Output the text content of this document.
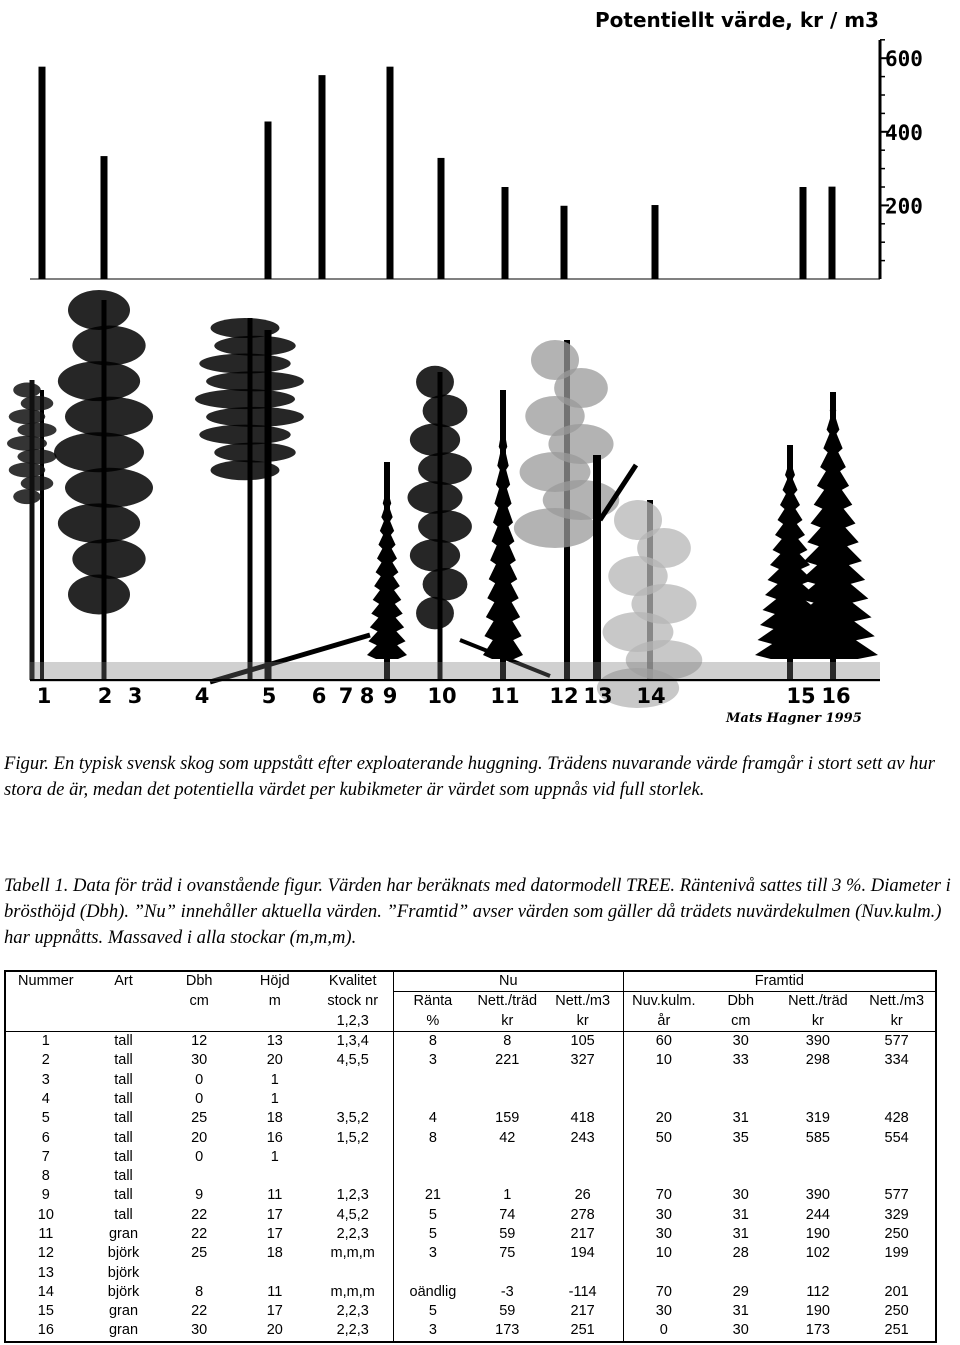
Potentiellt värde, kr / m3
200
400
600
1 2 3 4 5 6 7 8 9 10 11 12 13 14	15 16
Mats Hagner 1995

Figur. En typisk svensk skog som uppstått efter exploaterande huggning. Trädens nuvarande värde framgår i stort sett av hur stora de är, medan det potentiella värdet per kubikmeter är värdet som uppnås vid full storlek.

Tabell 1. Data för träd i ovanstående figur. Värden har beräknats med datormodell TREE. Räntenivå sattes till 3 %. Diameter i brösthöjd (Dbh). ”Nu” innehåller aktuella värden. ”Framtid” avser värden som gäller då trädets nuvärdekulmen (Nuv.kulm.) har uppnåtts. Massaved i alla stockar (m,m,m).

Nummer	Art	Dbh	Höjd	Kvalitet	Nu			Framtid			
		cm	m	stock nr	Ränta	Nett./träd	Nett./m3	Nuv.kulm.	Dbh	Nett./träd	Nett./m3
				1,2,3	%	kr	kr	år	cm	kr	kr
1	tall	12	13	1,3,4	8	8	105	60	30	390	577
2	tall	30	20	4,5,5	3	221	327	10	33	298	334
3	tall	0	1								
4	tall	0	1								
5	tall	25	18	3,5,2	4	159	418	20	31	319	428
6	tall	20	16	1,5,2	8	42	243	50	35	585	554
7	tall	0	1								
8	tall										
9	tall	9	11	1,2,3	21	1	26	70	30	390	577
10	tall	22	17	4,5,2	5	74	278	30	31	244	329
11	gran	22	17	2,2,3	5	59	217	30	31	190	250
12	björk	25	18	m,m,m	3	75	194	10	28	102	199
13	björk										
14	björk	8	11	m,m,m	oändlig	-3	-114	70	29	112	201
15	gran	22	17	2,2,3	5	59	217	30	31	190	250
16	gran	30	20	2,2,3	3	173	251	0	30	173	251
